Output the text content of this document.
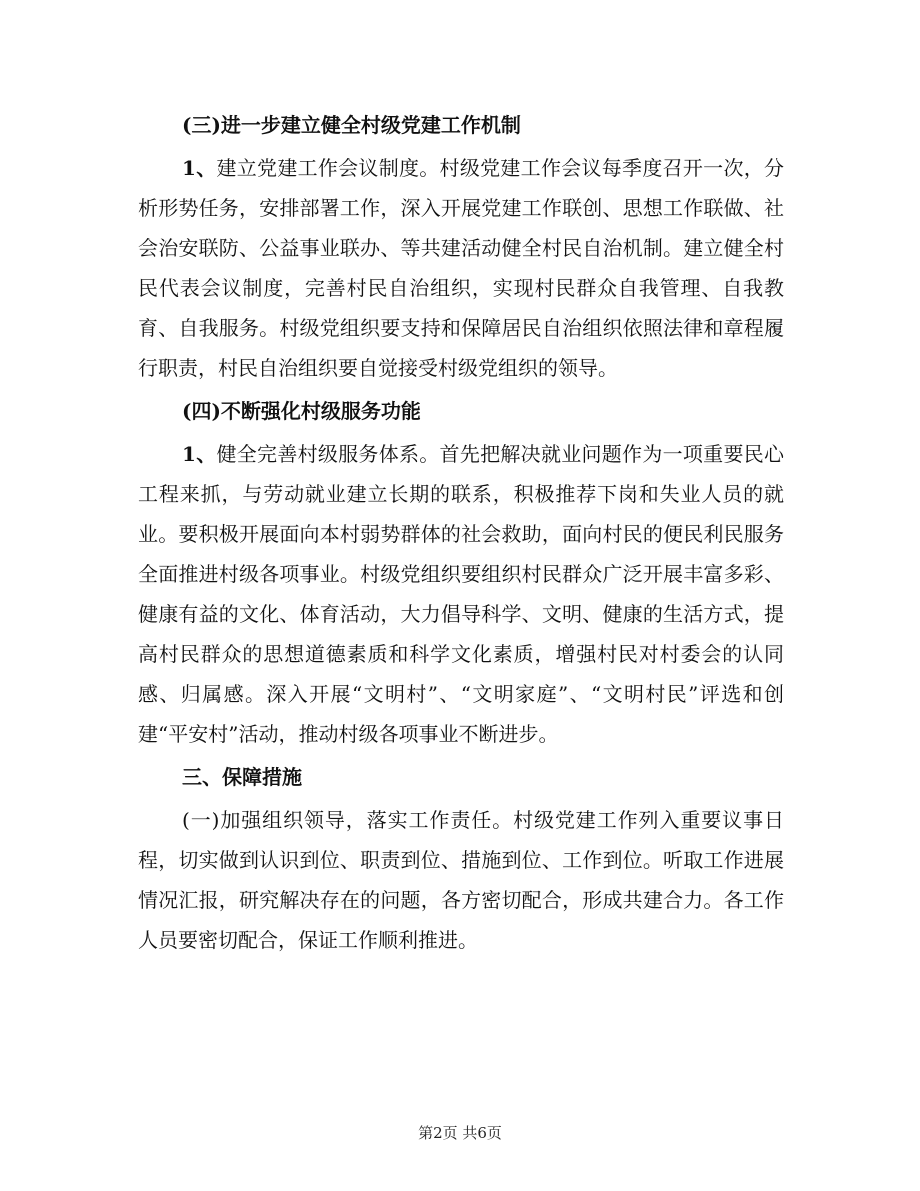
(三)进一步建立健全村级党建工作机制

1、建立党建工作会议制度。村级党建工作会议每季度召开一次，分析形势任务，安排部署工作，深入开展党建工作联创、思想工作联做、社会治安联防、公益事业联办、等共建活动健全村民自治机制。建立健全村民代表会议制度，完善村民自治组织，实现村民群众自我管理、自我教育、自我服务。村级党组织要支持和保障居民自治组织依照法律和章程履行职责，村民自治组织要自觉接受村级党组织的领导。

(四)不断强化村级服务功能

1、健全完善村级服务体系。首先把解决就业问题作为一项重要民心工程来抓，与劳动就业建立长期的联系，积极推荐下岗和失业人员的就业。要积极开展面向本村弱势群体的社会救助，面向村民的便民利民服务全面推进村级各项事业。村级党组织要组织村民群众广泛开展丰富多彩、健康有益的文化、体育活动，大力倡导科学、文明、健康的生活方式，提高村民群众的思想道德素质和科学文化素质，增强村民对村委会的认同感、归属感。深入开展“文明村”、“文明家庭”、“文明村民”评选和创建“平安村”活动，推动村级各项事业不断进步。

三、保障措施

(一)加强组织领导，落实工作责任。村级党建工作列入重要议事日程，切实做到认识到位、职责到位、措施到位、工作到位。听取工作进展情况汇报，研究解决存在的问题，各方密切配合，形成共建合力。各工作人员要密切配合，保证工作顺利推进。

第2页 共6页
